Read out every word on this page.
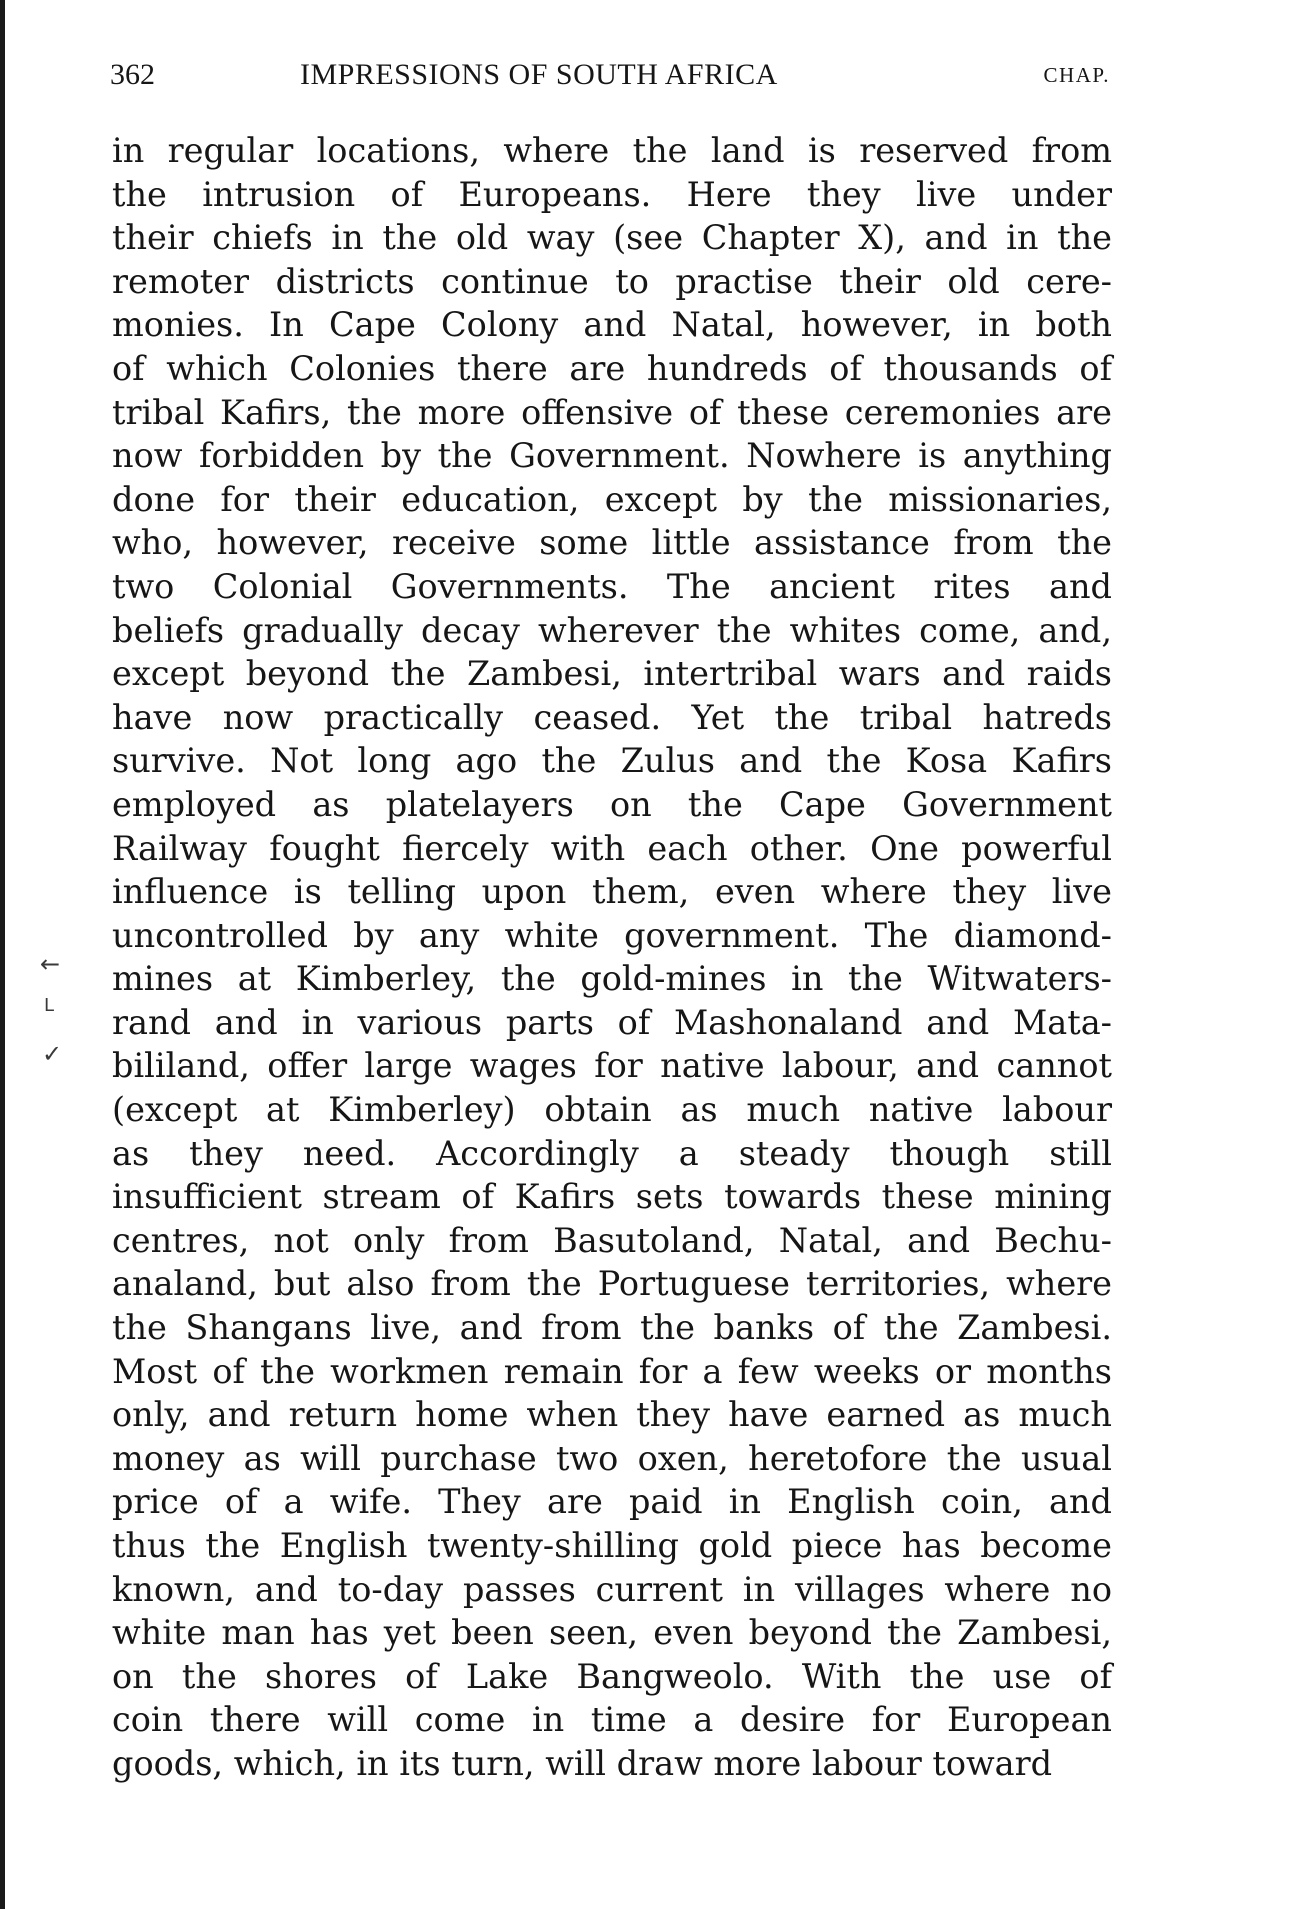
362	IMPRESSIONS OF SOUTH AFRICA	CHAP.
in regular locations, where the land is reserved from
the intrusion of Europeans. Here they live under
their chiefs in the old way (see Chapter X), and in the
remoter districts continue to practise their old cere-
monies. In Cape Colony and Natal, however, in both
of which Colonies there are hundreds of thousands of
tribal Kafirs, the more offensive of these ceremonies are
now forbidden by the Government. Nowhere is anything
done for their education, except by the missionaries,
who, however, receive some little assistance from the
two Colonial Governments. The ancient rites and
beliefs gradually decay wherever the whites come, and,
except beyond the Zambesi, intertribal wars and raids
have now practically ceased. Yet the tribal hatreds
survive. Not long ago the Zulus and the Kosa Kafirs
employed as platelayers on the Cape Government
Railway fought fiercely with each other. One powerful
influence is telling upon them, even where they live
uncontrolled by any white government. The diamond-
mines at Kimberley, the gold-mines in the Witwaters-
rand and in various parts of Mashonaland and Mata-
bililand, offer large wages for native labour, and cannot
(except at Kimberley) obtain as much native labour
as they need. Accordingly a steady though still
insufficient stream of Kafirs sets towards these mining
centres, not only from Basutoland, Natal, and Bechu-
analand, but also from the Portuguese territories, where
the Shangans live, and from the banks of the Zambesi.
Most of the workmen remain for a few weeks or months
only, and return home when they have earned as much
money as will purchase two oxen, heretofore the usual
price of a wife. They are paid in English coin, and
thus the English twenty-shilling gold piece has become
known, and to-day passes current in villages where no
white man has yet been seen, even beyond the Zambesi,
on the shores of Lake Bangweolo. With the use of
coin there will come in time a desire for European
goods, which, in its turn, will draw more labour toward
←
L
✓
